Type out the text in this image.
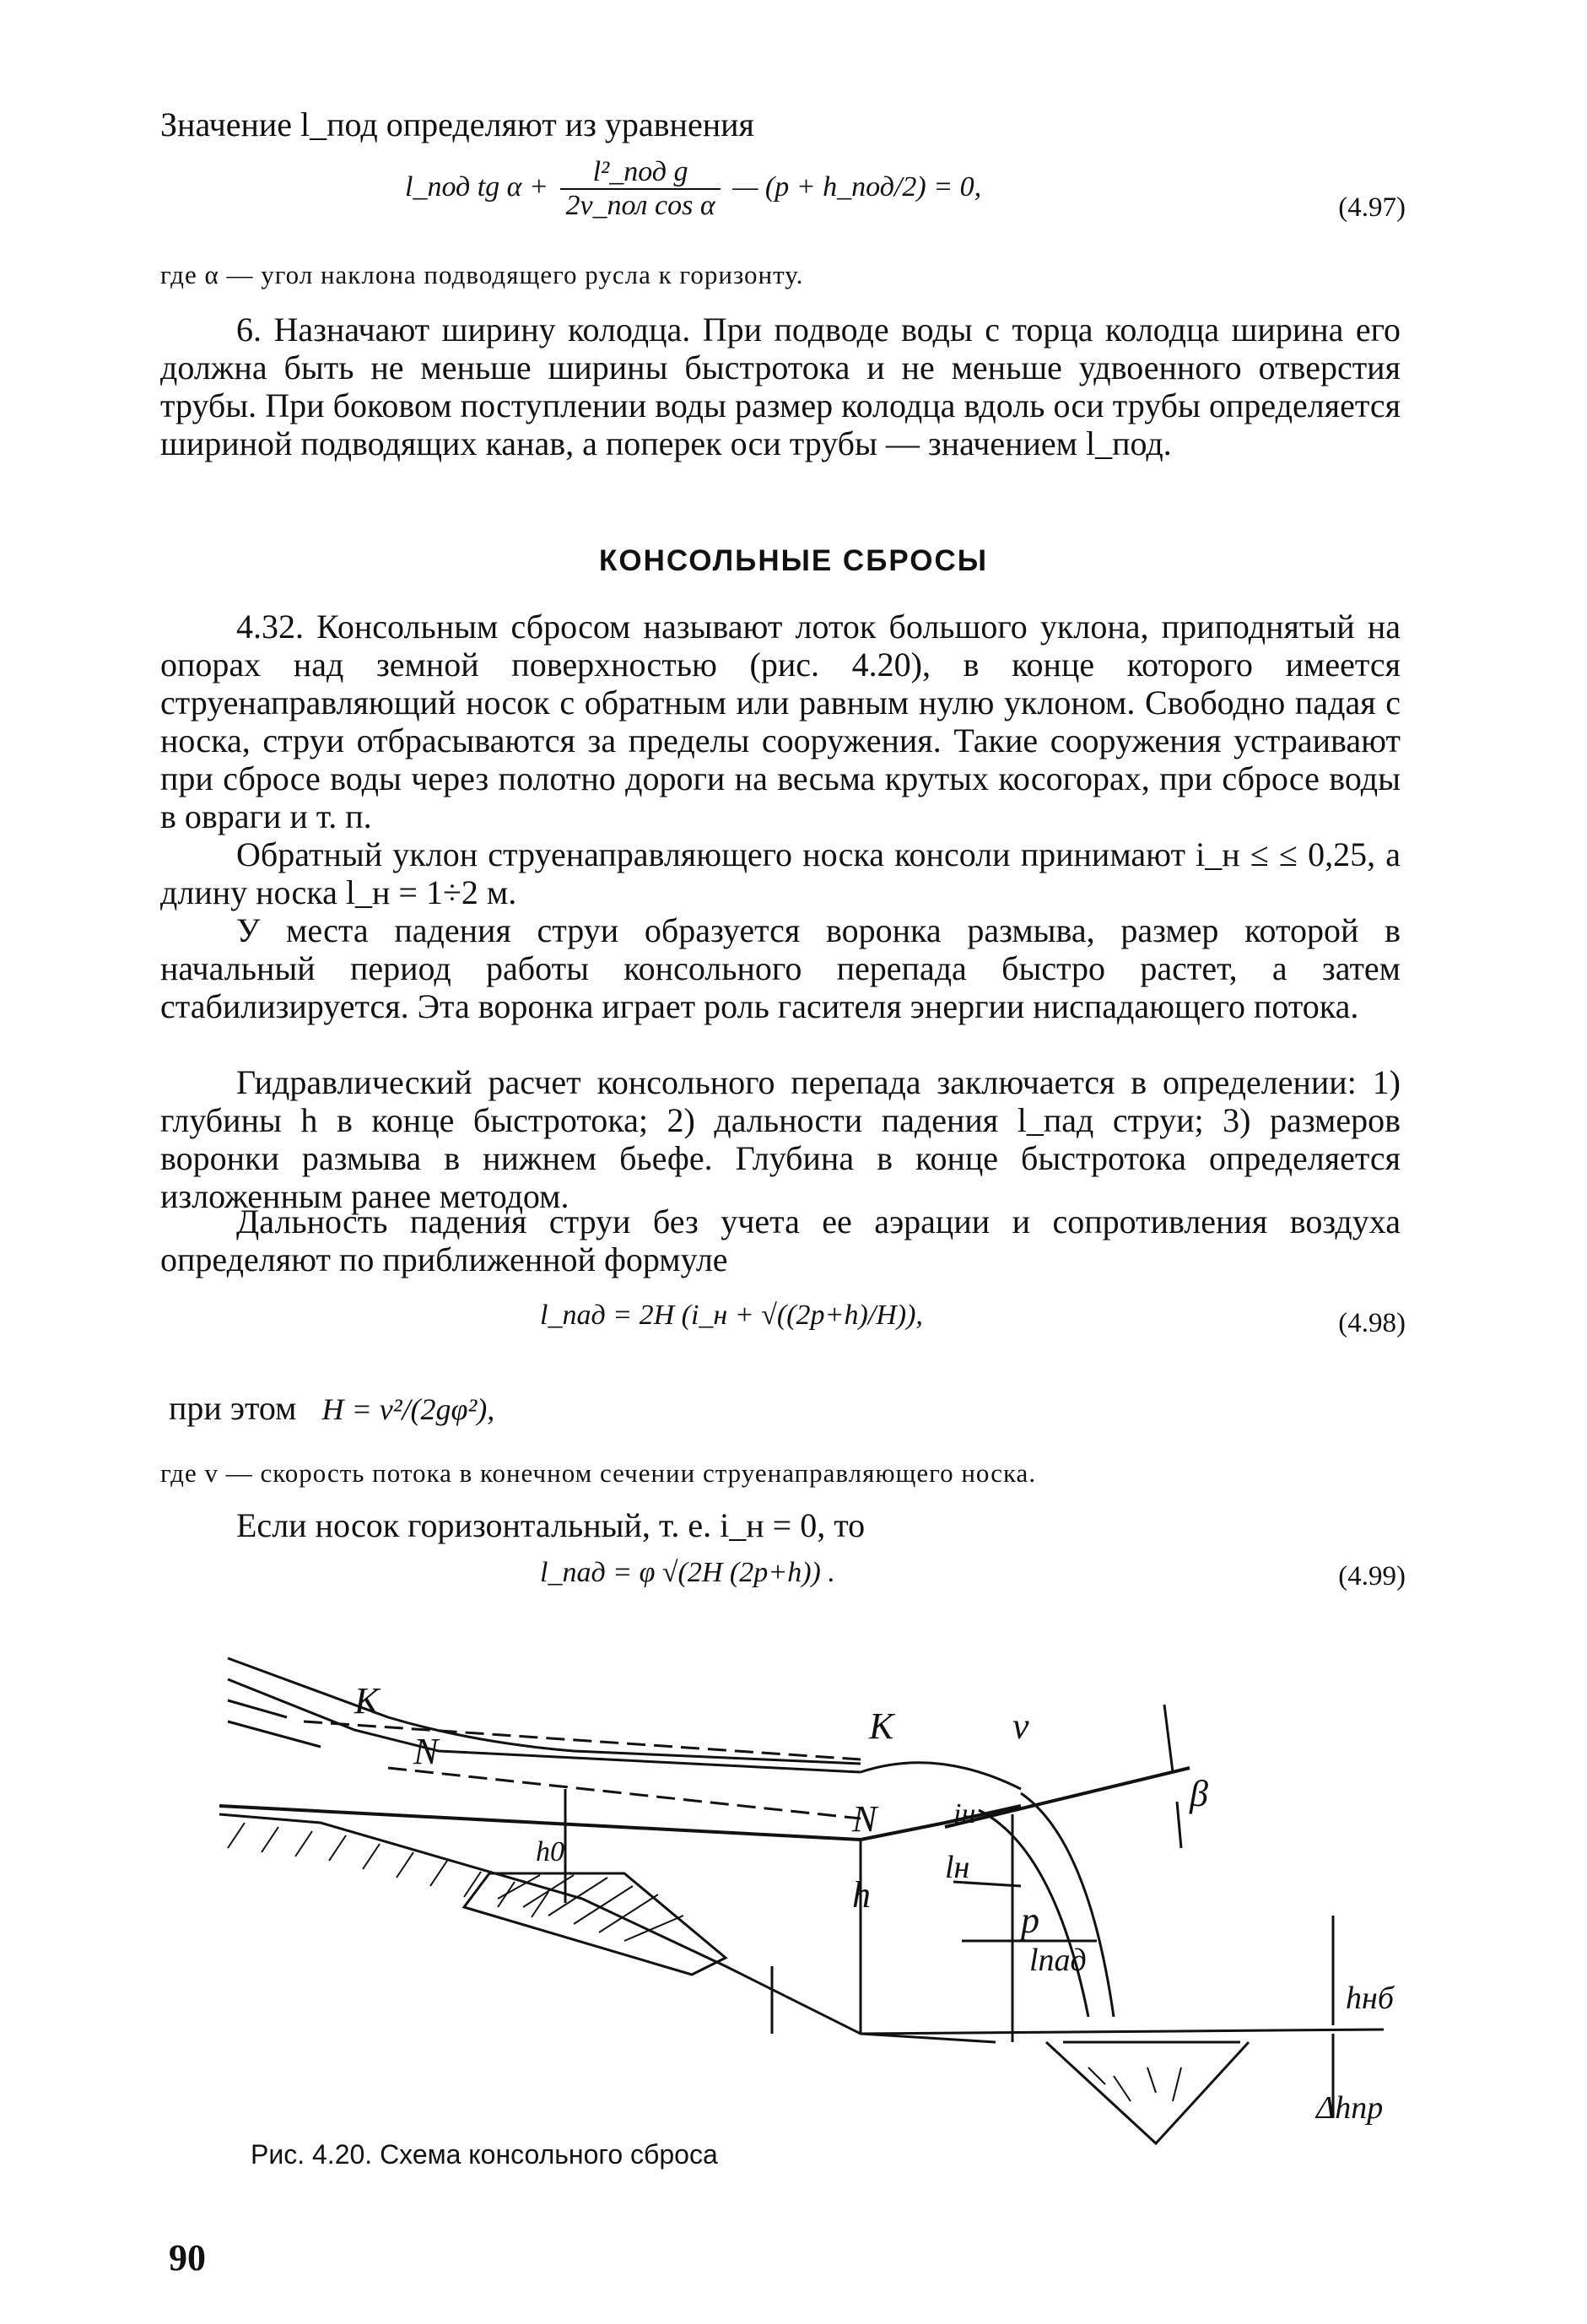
Значение l_под определяют из уравнения

l_под tg $\alpha + \frac{\text{l²\_под g}}{\text{2v\_пол cos α}}$ — (p + h_под/2) = 0,
(4.97)

где α — угол наклона подводящего русла к горизонту.

6. Назначают ширину колодца. При подводе воды с торца колодца ширина его должна быть не меньше ширины быстротока и не меньше удвоенного отверстия трубы. При боковом поступлении воды размер колодца вдоль оси трубы определяется шириной подводящих канав, а поперек оси трубы — значением l_под.

КОНСОЛЬНЫЕ СБРОСЫ

4.32. Консольным сбросом называют лоток большого уклона, приподнятый на опорах над земной поверхностью (рис. 4.20), в конце которого имеется струенаправляющий носок с обратным или равным нулю уклоном. Свободно падая с носка, струи отбрасываются за пределы сооружения. Такие сооружения устраивают при сбросе воды через полотно дороги на весьма крутых косогорах, при сбросе воды в овраги и т. п.

Обратный уклон струенаправляющего носка консоли принимают i_н ≤ ≤ 0,25, а длину носка l_н = 1÷2 м.

У места падения струи образуется воронка размыва, размер которой в начальный период работы консольного перепада быстро растет, а затем стабилизируется. Эта воронка играет роль гасителя энергии ниспадающего потока.

Гидравлический расчет консольного перепада заключается в определении: 1) глубины h в конце быстротока; 2) дальности падения l_пад струи; 3) размеров воронки размыва в нижнем бьефе. Глубина в конце быстротока определяется изложенным ранее методом.

Дальность падения струи без учета ее аэрации и сопротивления воздуха определяют по приближенной формуле

l_пад = 2H (i_н + √((2p+h)/H)),	(4.98)
при этом H = v²/(2gφ²),

где v — скорость потока в конечном сечении струенаправляющего носка.

Если носок горизонтальный, т. е. i_н = 0, то

l_пад = φ √(2H (2p+h)) .	(4.99)
K
N
K
N
v
β
iн
lн
h
h0
p
lпад
hнб
Δhпр
Рис. 4.20. Схема консольного сброса
90
